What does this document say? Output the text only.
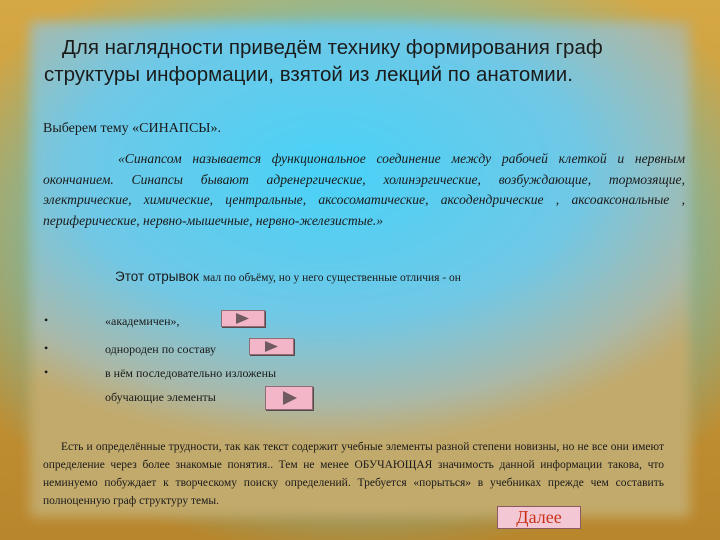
Для наглядности приведём технику формирования граф
структуры информации, взятой из лекций по анатомии.
Выберем тему «СИНАПСЫ».
«Синапсом называется функциональное соединение между рабочей клеткой и нервным окончанием. Синапсы бывают адренергические, холинэргические, возбуждающие, тормозящие, электрические, химические, центральные, аксосоматические, аксодендрические , аксоаксональные , периферические, нервно-мышечные, нервно-железистые.»
Этот отрывок мал по объёму, но у него существенные отличия - он
•	«академичен»,
•	однороден по составу
•	в нём последовательно изложены
обучающие элементы
Есть и определённые трудности, так как текст содержит учебные элементы разной степени новизны, но не все они имеют определение через более знакомые понятия.. Тем не менее ОБУЧАЮЩАЯ значимость данной информации такова, что неминуемо побуждает к творческому поиску определений. Требуется «порыться» в учебниках прежде чем составить полноценную граф структуру темы.
Далее
